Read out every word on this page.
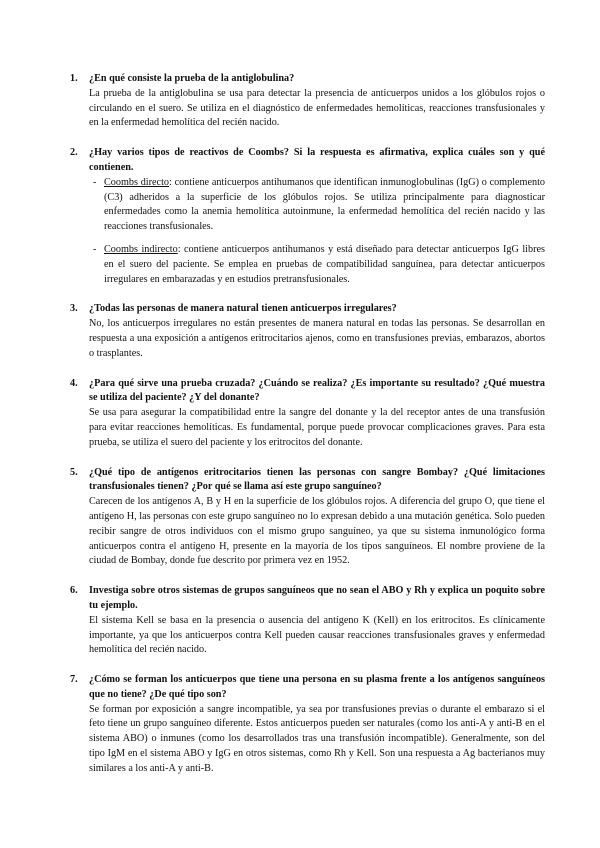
1. ¿En qué consiste la prueba de la antiglobulina?
La prueba de la antiglobulina se usa para detectar la presencia de anticuerpos unidos a los glóbulos rojos o circulando en el suero. Se utiliza en el diagnóstico de enfermedades hemolíticas, reacciones transfusionales y en la enfermedad hemolítica del recién nacido.
2. ¿Hay varios tipos de reactivos de Coombs? Si la respuesta es afirmativa, explica cuáles son y qué contienen.
- Coombs directo: contiene anticuerpos antihumanos que identifican inmunoglobulinas (IgG) o complemento (C3) adheridos a la superficie de los glóbulos rojos. Se utiliza principalmente para diagnosticar enfermedades como la anemia hemolítica autoinmune, la enfermedad hemolítica del recién nacido y las reacciones transfusionales.
- Coombs indirecto: contiene anticuerpos antihumanos y está diseñado para detectar anticuerpos IgG libres en el suero del paciente. Se emplea en pruebas de compatibilidad sanguínea, para detectar anticuerpos irregulares en embarazadas y en estudios pretransfusionales.
3. ¿Todas las personas de manera natural tienen anticuerpos irregulares?
No, los anticuerpos irregulares no están presentes de manera natural en todas las personas. Se desarrollan en respuesta a una exposición a antígenos eritrocitarios ajenos, como en transfusiones previas, embarazos, abortos o trasplantes.
4. ¿Para qué sirve una prueba cruzada? ¿Cuándo se realiza? ¿Es importante su resultado? ¿Qué muestra se utiliza del paciente? ¿Y del donante?
Se usa para asegurar la compatibilidad entre la sangre del donante y la del receptor antes de una transfusión para evitar reacciones hemolíticas. Es fundamental, porque puede provocar complicaciones graves. Para esta prueba, se utiliza el suero del paciente y los eritrocitos del donante.
5. ¿Qué tipo de antígenos eritrocitarios tienen las personas con sangre Bombay? ¿Qué limitaciones transfusionales tienen? ¿Por qué se llama así este grupo sanguíneo?
Carecen de los antígenos A, B y H en la superficie de los glóbulos rojos. A diferencia del grupo O, que tiene el antígeno H, las personas con este grupo sanguíneo no lo expresan debido a una mutación genética. Solo pueden recibir sangre de otros individuos con el mismo grupo sanguíneo, ya que su sistema inmunológico forma anticuerpos contra el antígeno H, presente en la mayoría de los tipos sanguíneos. El nombre proviene de la ciudad de Bombay, donde fue descrito por primera vez en 1952.
6. Investiga sobre otros sistemas de grupos sanguíneos que no sean el ABO y Rh y explica un poquito sobre tu ejemplo.
El sistema Kell se basa en la presencia o ausencia del antígeno K (Kell) en los eritrocitos. Es clínicamente importante, ya que los anticuerpos contra Kell pueden causar reacciones transfusionales graves y enfermedad hemolítica del recién nacido.
7. ¿Cómo se forman los anticuerpos que tiene una persona en su plasma frente a los antígenos sanguíneos que no tiene? ¿De qué tipo son?
Se forman por exposición a sangre incompatible, ya sea por transfusiones previas o durante el embarazo si el feto tiene un grupo sanguíneo diferente. Estos anticuerpos pueden ser naturales (como los anti-A y anti-B en el sistema ABO) o inmunes (como los desarrollados tras una transfusión incompatible). Generalmente, son del tipo IgM en el sistema ABO y IgG en otros sistemas, como Rh y Kell. Son una respuesta a Ag bacterianos muy similares a los anti-A y anti-B.
